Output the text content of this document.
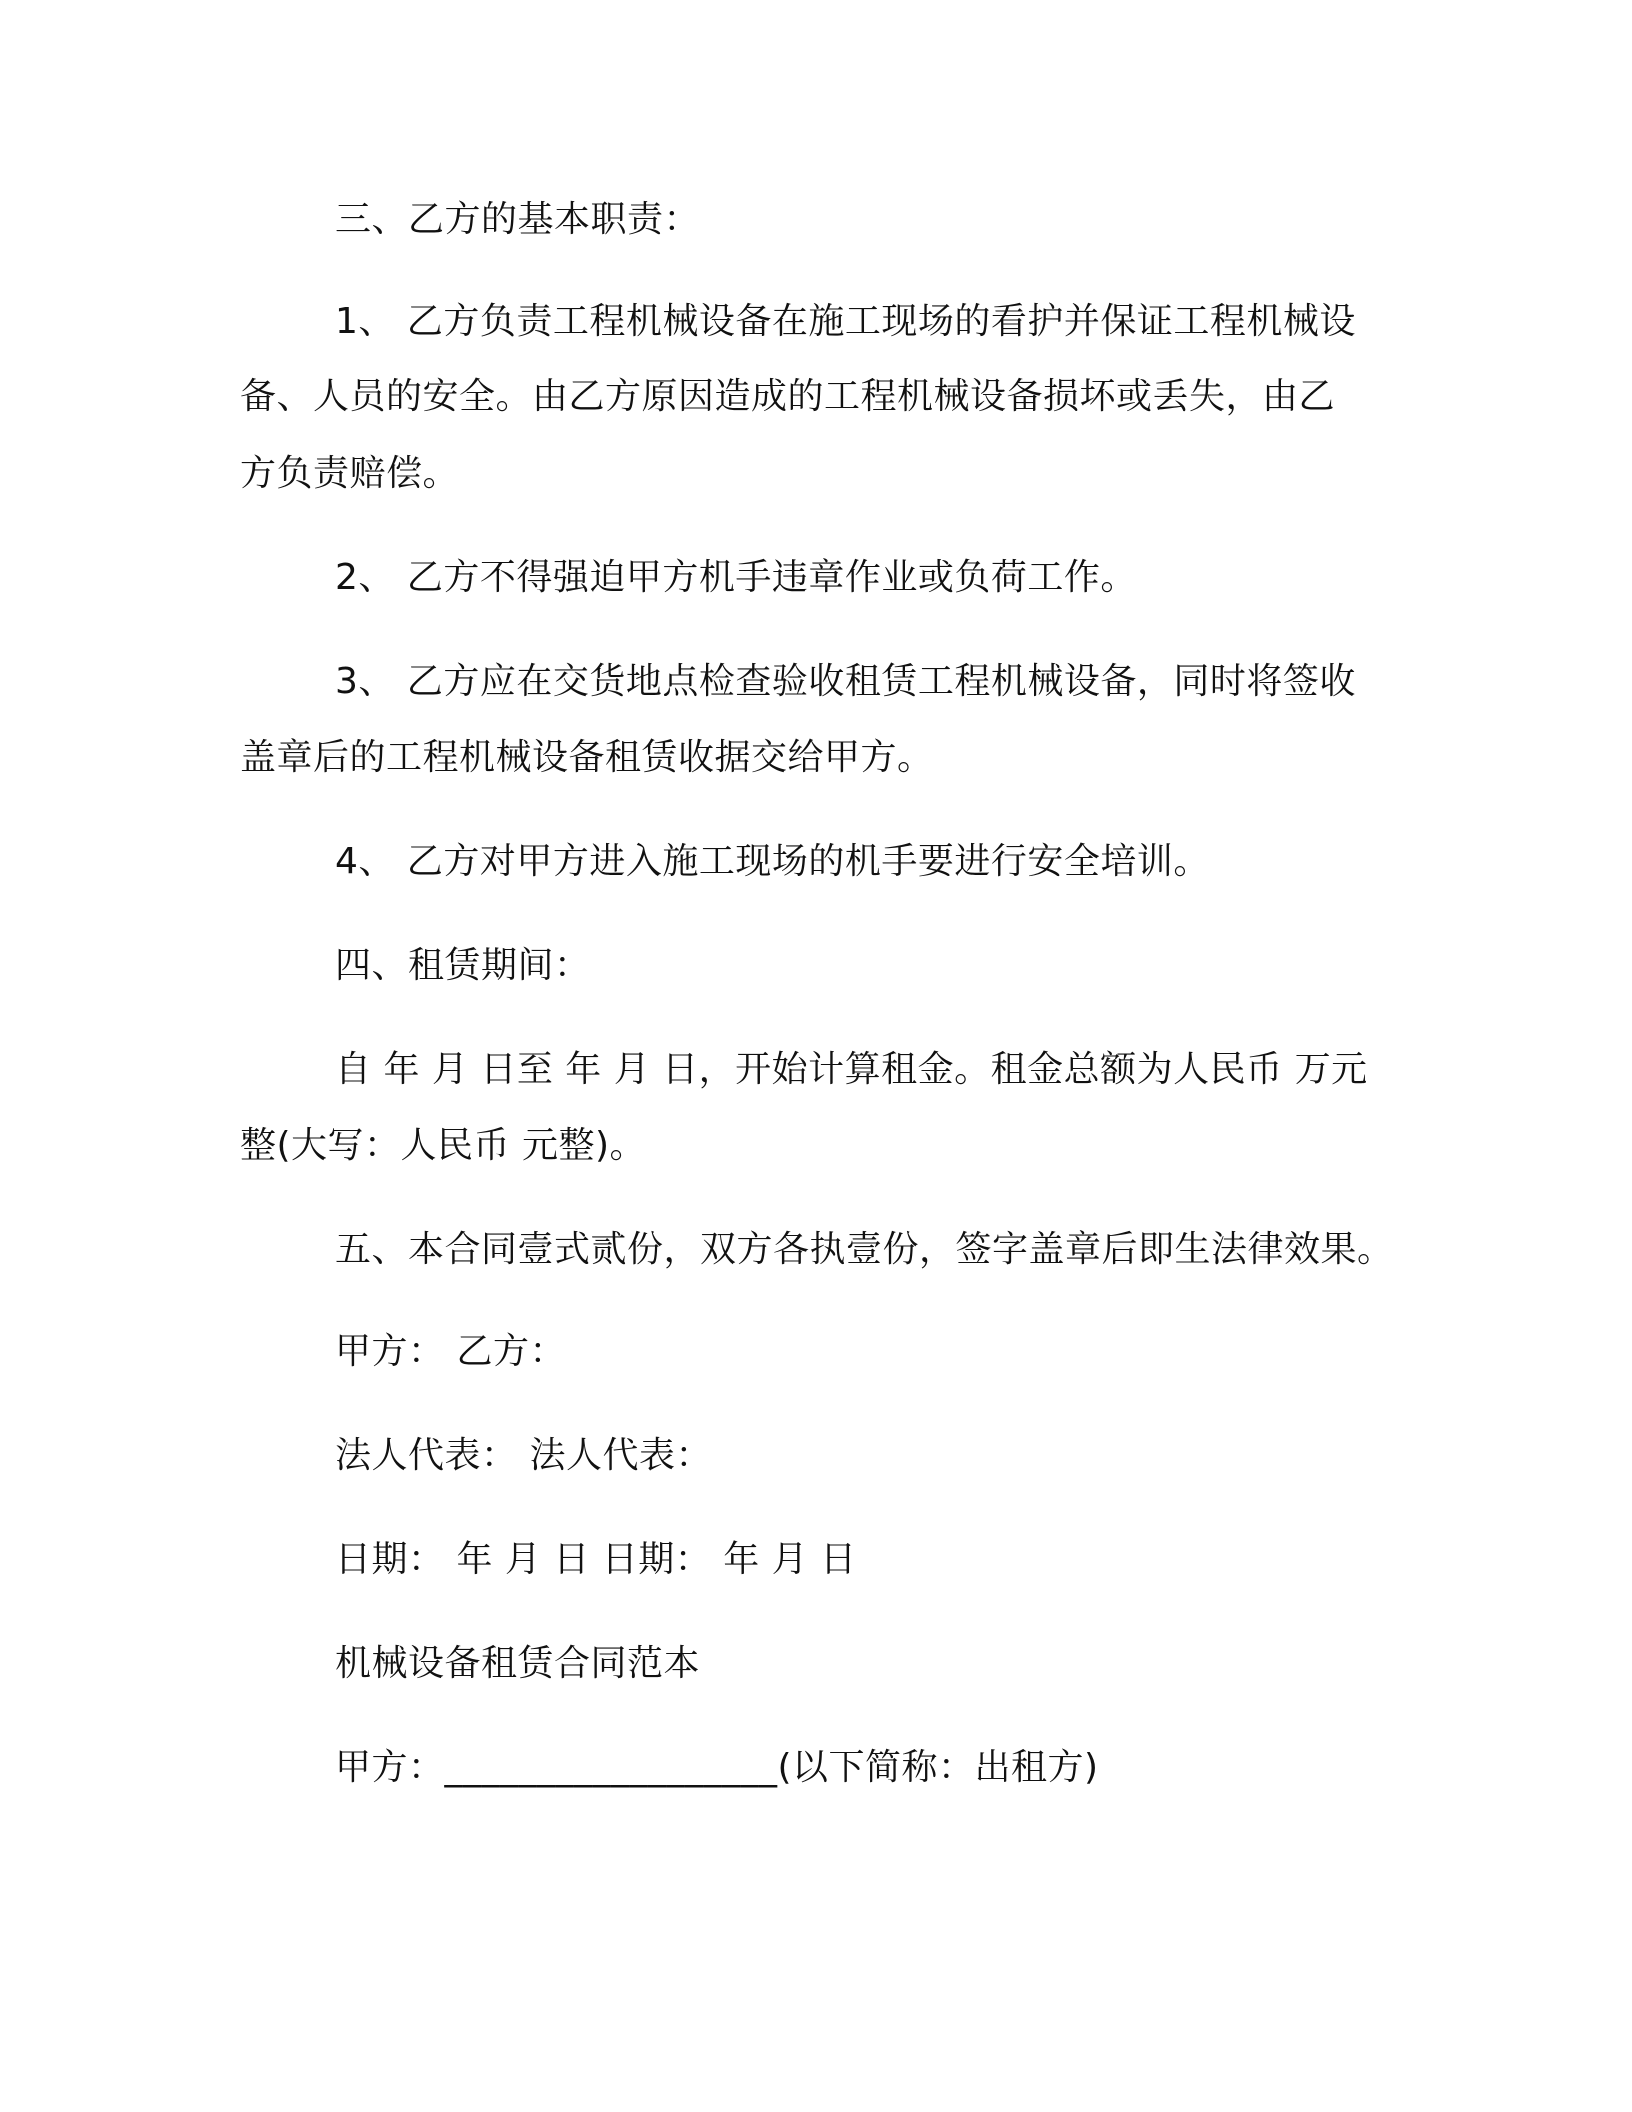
三、乙方的基本职责：
1、 乙方负责工程机械设备在施工现场的看护并保证工程机械设
备、人员的安全。由乙方原因造成的工程机械设备损坏或丢失，由乙
方负责赔偿。
2、 乙方不得强迫甲方机手违章作业或负荷工作。
3、 乙方应在交货地点检查验收租赁工程机械设备，同时将签收
盖章后的工程机械设备租赁收据交给甲方。
4、 乙方对甲方进入施工现场的机手要进行安全培训。
四、租赁期间：
自 年 月 日至 年 月 日，开始计算租金。租金总额为人民币 万元
整(大写：人民币 元整)。
五、本合同壹式贰份，双方各执壹份，签字盖章后即生法律效果。
甲方： 乙方：
法人代表： 法人代表：
日期： 年 月 日 日期： 年 月 日
机械设备租赁合同范本
甲方：__________________(以下简称：出租方)
